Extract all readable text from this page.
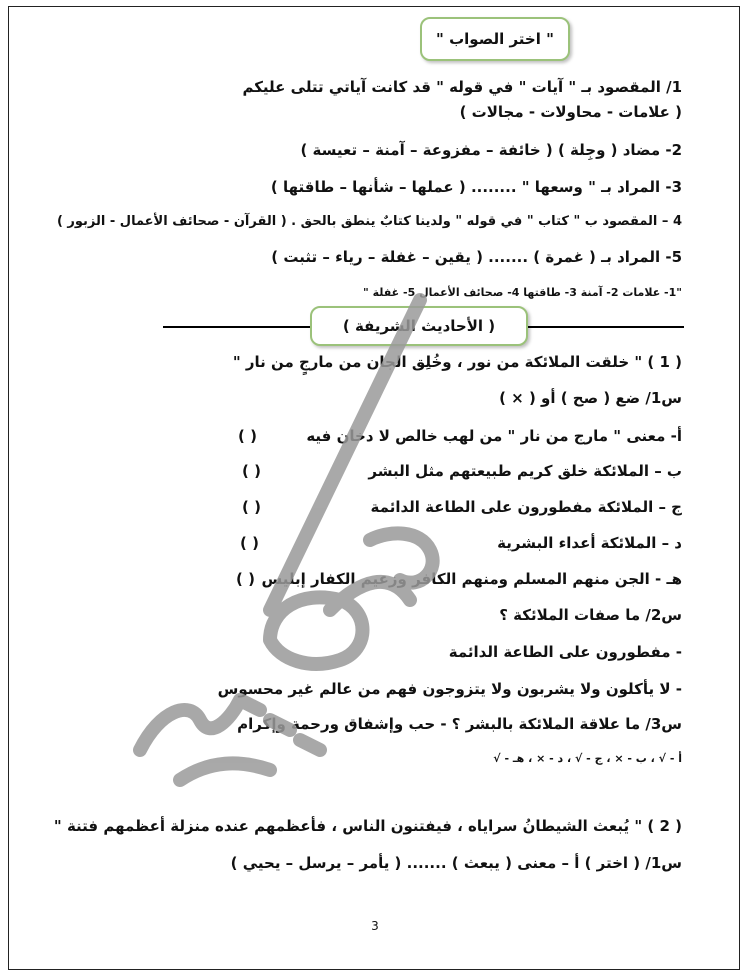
" اختر الصواب "
1/ المقصود بـ " آيات " في قوله " قد كانت آياتي تتلى عليكم
( علامات - محاولات - مجالات )
2- مضاد ( وجِلة ) ( خائفة – مفزوعة – آمنة – تعيسة )
3- المراد بـ " وسعها " ........ ( عملها – شأنها – طاقتها )
4 – المقصود ب " كتاب " في قوله " ولدينا كتابٌ ينطق بالحق . ( القرآن - صحائف الأعمال - الزبور )
5- المراد بـ ( غمرة ) ....... ( يقين – غفلة – رياء – تثبت )
"1- علامات 2- آمنة 3- طاقتها 4- صحائف الأعمال 5- غفلة "
( الأحاديث الشريفة )
( 1 ) " خلقت الملائكة من نور ، وخُلِق الجان من مارجٍ من نار "
س1/ ضع ( صح ) أو ( × )
أ- معنى " مارج من نار " من لهب خالص لا دخان فيه
( )
ب – الملائكة خلق كريم طبيعتهم مثل البشر
( )
ج – الملائكة مفطورون على الطاعة الدائمة
( )
د – الملائكة أعداء البشرية
( )
هـ - الجن منهم المسلم ومنهم الكافر وزعيم الكفار إبليس
( )
س2/ ما صفات الملائكة ؟
- مفطورون على الطاعة الدائمة
- لا يأكلون ولا يشربون ولا يتزوجون فهم من عالم غير محسوس
س3/ ما علاقة الملائكة بالبشر ؟ - حب وإشفاق ورحمة وإكرام
أ - √ ، ب - × ، ج - √ ، د - × ، هـ - √
( 2 ) " يُبعث الشيطانُ سراياه ، فيفتنون الناس ، فأعظمهم عنده منزلة أعظمهم فتنة "
س1/ ( اختر ) أ – معنى ( يبعث ) ....... ( يأمر – يرسل – يحيي )
3
